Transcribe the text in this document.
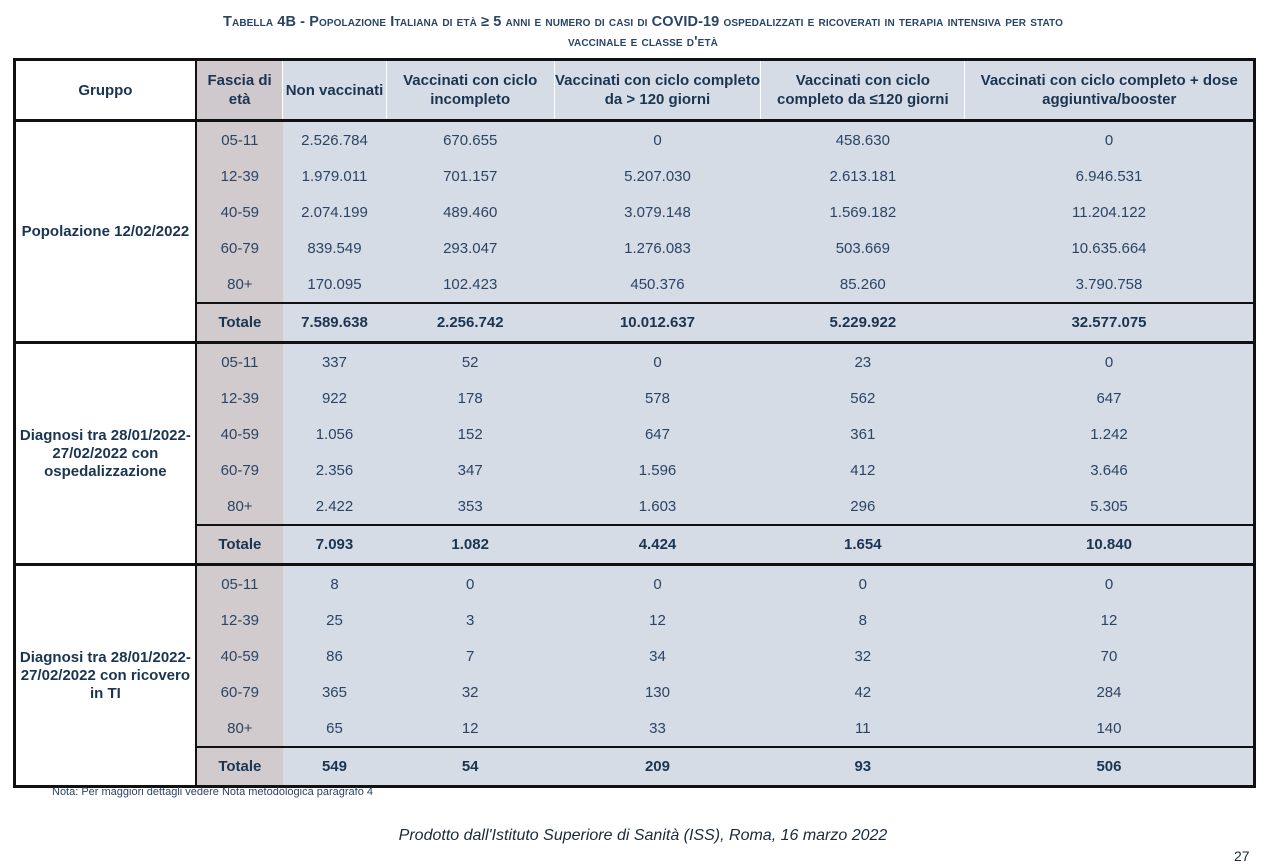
Tabella 4B - Popolazione Italiana di età ≥ 5 anni e numero di casi di COVID-19 ospedalizzati e ricoverati in terapia intensiva per stato
vaccinale e classe d'età
Gruppo	Fascia di età	Non vaccinati	Vaccinati con ciclo incompleto	Vaccinati con ciclo completo da > 120 giorni	Vaccinati con ciclo completo da ≤120 giorni	Vaccinati con ciclo completo + dose aggiuntiva/booster
Popolazione 12/02/2022	05-11	2.526.784	670.655	0	458.630	0
	12-39	1.979.011	701.157	5.207.030	2.613.181	6.946.531
	40-59	2.074.199	489.460	3.079.148	1.569.182	11.204.122
	60-79	839.549	293.047	1.276.083	503.669	10.635.664
	80+	170.095	102.423	450.376	85.260	3.790.758
	Totale	7.589.638	2.256.742	10.012.637	5.229.922	32.577.075
Diagnosi tra 28/01/2022-27/02/2022 con ospedalizzazione	05-11	337	52	0	23	0
	12-39	922	178	578	562	647
	40-59	1.056	152	647	361	1.242
	60-79	2.356	347	1.596	412	3.646
	80+	2.422	353	1.603	296	5.305
	Totale	7.093	1.082	4.424	1.654	10.840
Diagnosi tra 28/01/2022-27/02/2022 con ricovero in TI	05-11	8	0	0	0	0
	12-39	25	3	12	8	12
	40-59	86	7	34	32	70
	60-79	365	32	130	42	284
	80+	65	12	33	11	140
	Totale	549	54	209	93	506
Nota: Per maggiori dettagli vedere Nota metodologica paragrafo 4
Prodotto dall'Istituto Superiore di Sanità (ISS), Roma, 16 marzo 2022
27
